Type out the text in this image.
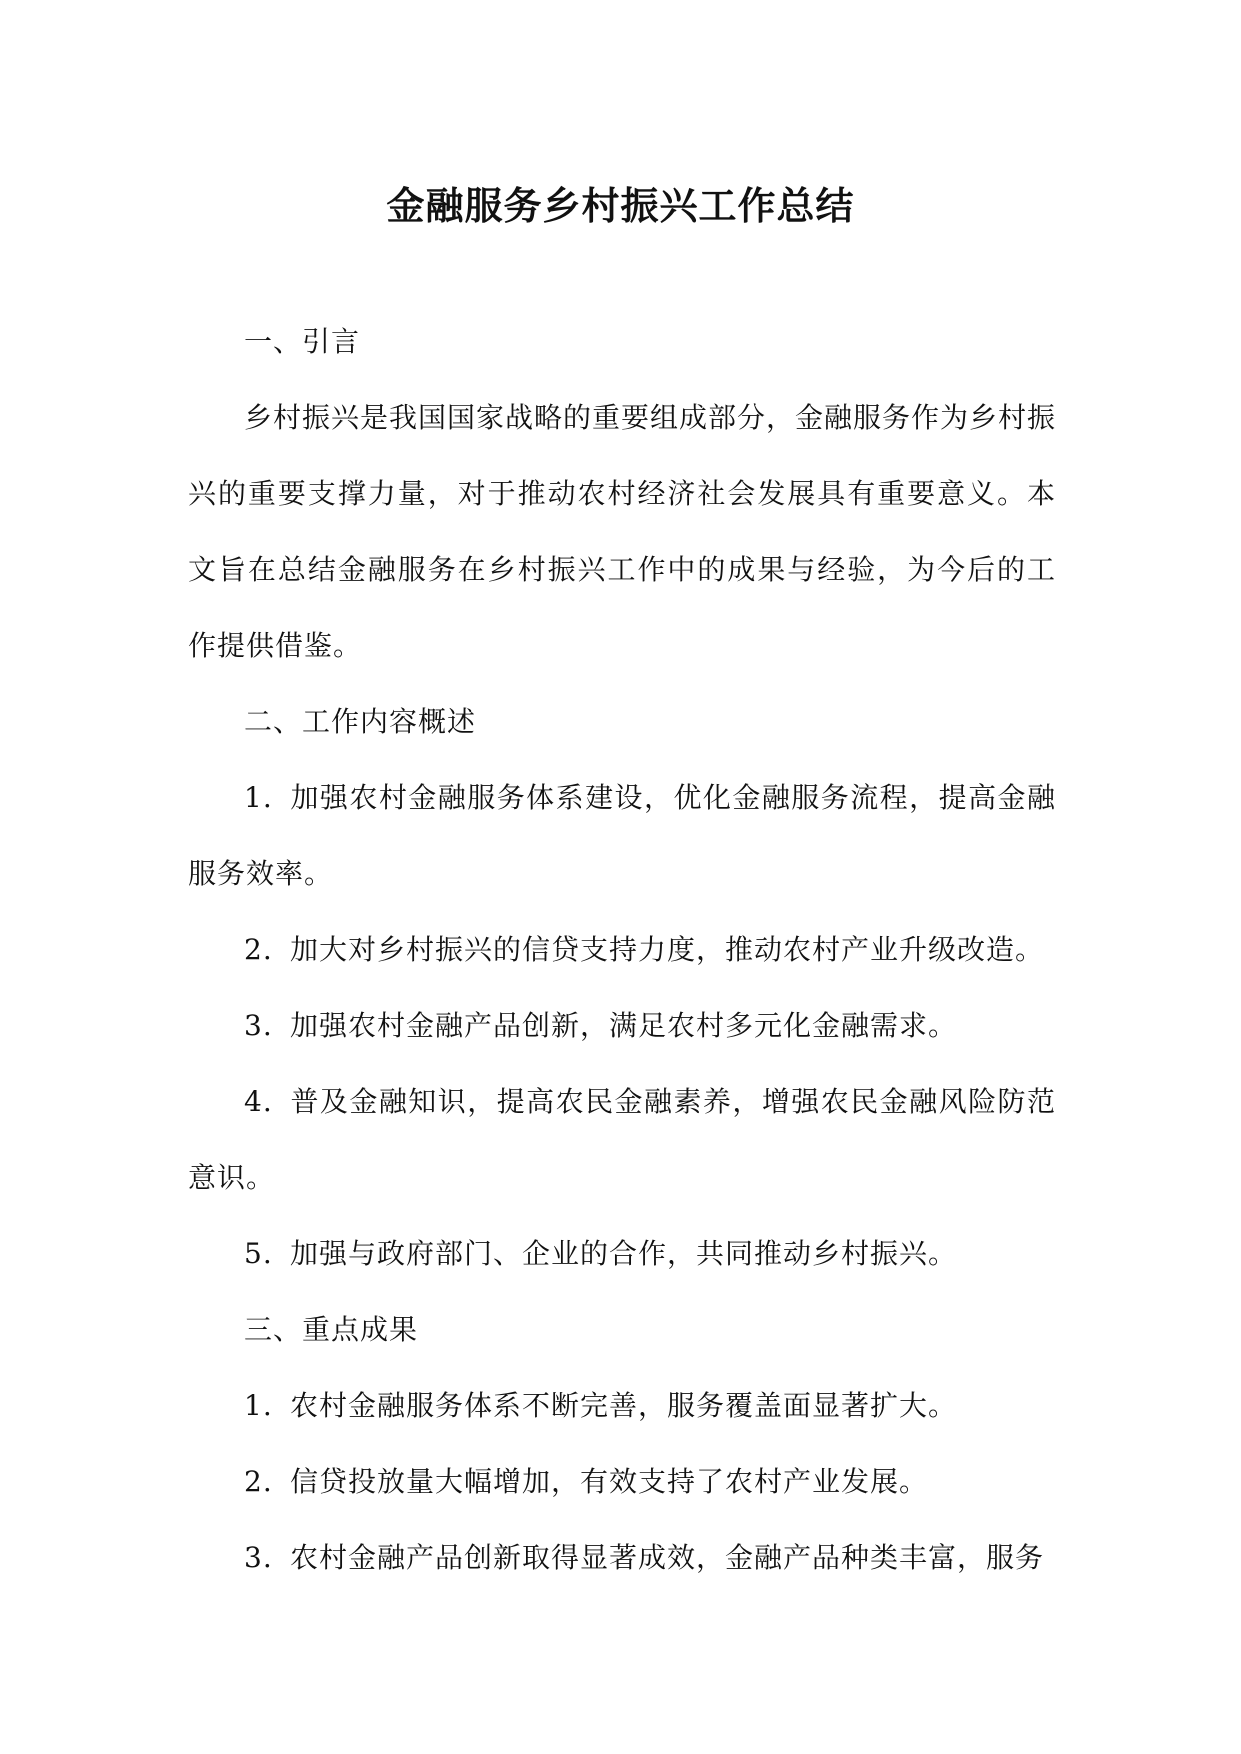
金融服务乡村振兴工作总结

一、引言

乡村振兴是我国国家战略的重要组成部分，金融服务作为乡村振兴的重要支撑力量，对于推动农村经济社会发展具有重要意义。本文旨在总结金融服务在乡村振兴工作中的成果与经验，为今后的工作提供借鉴。

二、工作内容概述

1. 加强农村金融服务体系建设，优化金融服务流程，提高金融服务效率。

2. 加大对乡村振兴的信贷支持力度，推动农村产业升级改造。

3. 加强农村金融产品创新，满足农村多元化金融需求。

4. 普及金融知识，提高农民金融素养，增强农民金融风险防范意识。

5. 加强与政府部门、企业的合作，共同推动乡村振兴。

三、重点成果

1. 农村金融服务体系不断完善，服务覆盖面显著扩大。

2. 信贷投放量大幅增加，有效支持了农村产业发展。

3. 农村金融产品创新取得显著成效，金融产品种类丰富，服务
